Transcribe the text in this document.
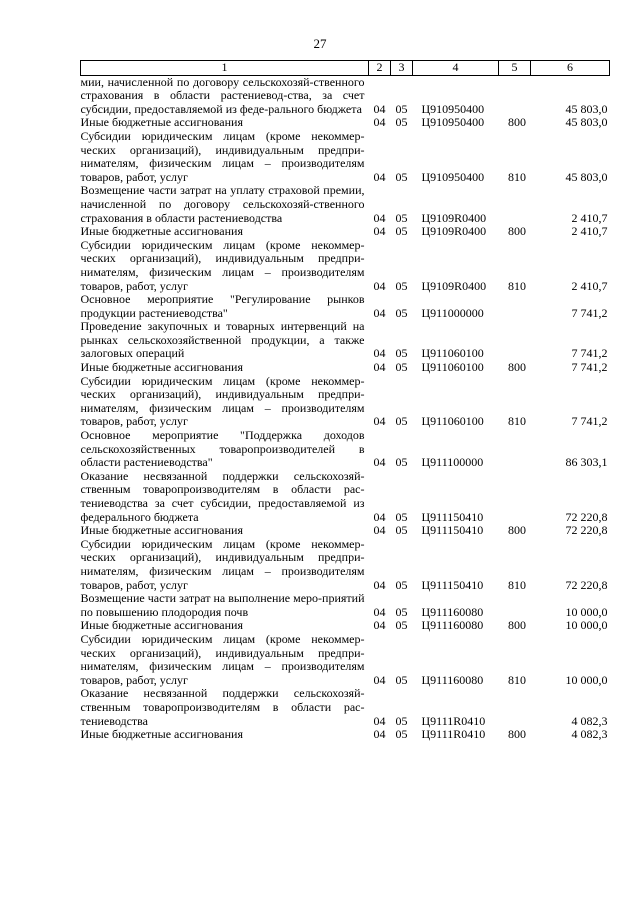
27
1	2	3	4	5	6
мии, начисленной по договору сельскохозяй-ственного страхования в области растениевод-ства, за счет субсидии, предоставляемой из феде-рального бюджета	04	05	Ц910950400		45 803,0
Иные бюджетные ассигнования	04	05	Ц910950400	800	45 803,0
Субсидии юридическим лицам (кроме некоммер-ческих организаций), индивидуальным предпри-нимателям, физическим лицам – производителям товаров, работ, услуг	04	05	Ц910950400	810	45 803,0
Возмещение части затрат на уплату страховой премии, начисленной по договору сельскохозяй-ственного страхования в области растениеводства	04	05	Ц9109R0400		2 410,7
Иные бюджетные ассигнования	04	05	Ц9109R0400	800	2 410,7
Субсидии юридическим лицам (кроме некоммер-ческих организаций), индивидуальным предпри-нимателям, физическим лицам – производителям товаров, работ, услуг	04	05	Ц9109R0400	810	2 410,7
Основное мероприятие "Регулирование рынков продукции растениеводства"	04	05	Ц911000000		7 741,2
Проведение закупочных и товарных интервенций на рынках сельскохозяйственной продукции, а также залоговых операций	04	05	Ц911060100		7 741,2
Иные бюджетные ассигнования	04	05	Ц911060100	800	7 741,2
Субсидии юридическим лицам (кроме некоммер-ческих организаций), индивидуальным предпри-нимателям, физическим лицам – производителям товаров, работ, услуг	04	05	Ц911060100	810	7 741,2
Основное мероприятие "Поддержка доходов сельскохозяйственных товаропроизводителей в области растениеводства"	04	05	Ц911100000		86 303,1
Оказание несвязанной поддержки сельскохозяй-ственным товаропроизводителям в области рас-тениеводства за счет субсидии, предоставляемой из федерального бюджета	04	05	Ц911150410		72 220,8
Иные бюджетные ассигнования	04	05	Ц911150410	800	72 220,8
Субсидии юридическим лицам (кроме некоммер-ческих организаций), индивидуальным предпри-нимателям, физическим лицам – производителям товаров, работ, услуг	04	05	Ц911150410	810	72 220,8
Возмещение части затрат на выполнение меро-приятий по повышению плодородия почв	04	05	Ц911160080		10 000,0
Иные бюджетные ассигнования	04	05	Ц911160080	800	10 000,0
Субсидии юридическим лицам (кроме некоммер-ческих организаций), индивидуальным предпри-нимателям, физическим лицам – производителям товаров, работ, услуг	04	05	Ц911160080	810	10 000,0
Оказание несвязанной поддержки сельскохозяй-ственным товаропроизводителям в области рас-тениеводства	04	05	Ц9111R0410		4 082,3
Иные бюджетные ассигнования	04	05	Ц9111R0410	800	4 082,3
